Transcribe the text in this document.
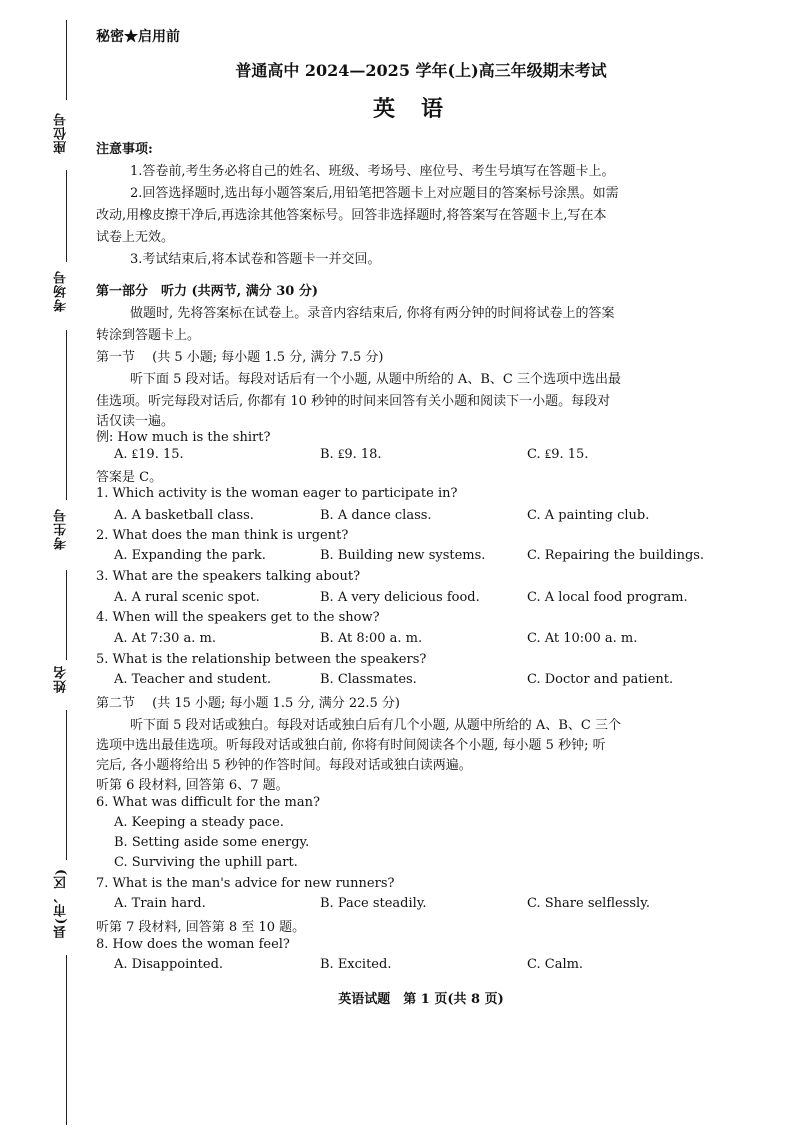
座位号
考场号
考生号
姓名
县(市、区)
秘密★启用前
普通高中 2024—2025 学年(上)高三年级期末考试
英语
注意事项:
1.答卷前,考生务必将自己的姓名、班级、考场号、座位号、考生号填写在答题卡上。
2.回答选择题时,选出每小题答案后,用铅笔把答题卡上对应题目的答案标号涂黑。如需
改动,用橡皮擦干净后,再选涂其他答案标号。回答非选择题时,将答案写在答题卡上,写在本
试卷上无效。
3.考试结束后,将本试卷和答题卡一并交回。
第一部分　听力 (共两节, 满分 30 分)
做题时, 先将答案标在试卷上。录音内容结束后, 你将有两分钟的时间将试卷上的答案
转涂到答题卡上。
第一节　 (共 5 小题; 每小题 1.5 分, 满分 7.5 分)
听下面 5 段对话。每段对话后有一个小题, 从题中所给的 A、B、C 三个选项中选出最
佳选项。听完每段对话后, 你都有 10 秒钟的时间来回答有关小题和阅读下一小题。每段对
话仅读一遍。
例: How much is the shirt?
A. ₤19. 15.	B. ₤9. 18.	C. ₤9. 15.
答案是 C。
1. Which activity is the woman eager to participate in?
A. A basketball class.	B. A dance class.	C. A painting club.
2. What does the man think is urgent?
A. Expanding the park.	B. Building new systems.	C. Repairing the buildings.
3. What are the speakers talking about?
A. A rural scenic spot.	B. A very delicious food.	C. A local food program.
4. When will the speakers get to the show?
A. At 7:30 a. m.	B. At 8:00 a. m.	C. At 10:00 a. m.
5. What is the relationship between the speakers?
A. Teacher and student.	B. Classmates.	C. Doctor and patient.
第二节　 (共 15 小题; 每小题 1.5 分, 满分 22.5 分)
听下面 5 段对话或独白。每段对话或独白后有几个小题, 从题中所给的 A、B、C 三个
选项中选出最佳选项。听每段对话或独白前, 你将有时间阅读各个小题, 每小题 5 秒钟; 听
完后, 各小题将给出 5 秒钟的作答时间。每段对话或独白读两遍。
听第 6 段材料, 回答第 6、7 题。
6. What was difficult for the man?
A. Keeping a steady pace.
B. Setting aside some energy.
C. Surviving the uphill part.
7. What is the man's advice for new runners?
A. Train hard.	B. Pace steadily.	C. Share selflessly.
听第 7 段材料, 回答第 8 至 10 题。
8. How does the woman feel?
A. Disappointed.	B. Excited.	C. Calm.
英语试题　第 1 页(共 8 页)
